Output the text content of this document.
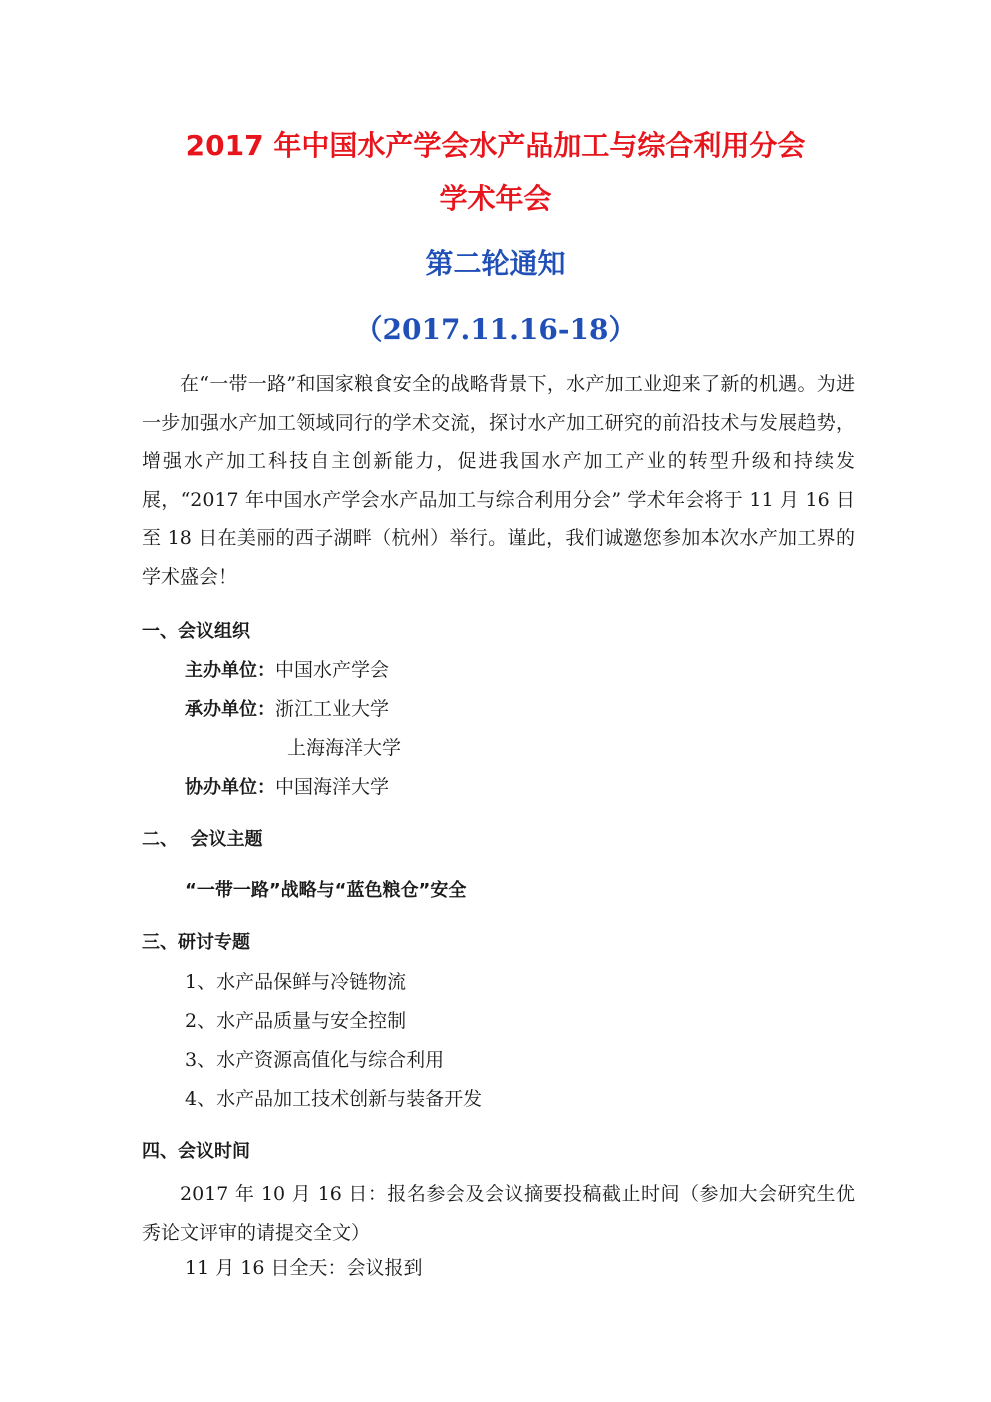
2017 年中国水产学会水产品加工与综合利用分会

学术年会

第二轮通知

（2017.11.16-18）

在“一带一路”和国家粮食安全的战略背景下，水产加工业迎来了新的机遇。为进一步加强水产加工领域同行的学术交流，探讨水产加工研究的前沿技术与发展趋势，增强水产加工科技自主创新能力，促进我国水产加工产业的转型升级和持续发展，“2017 年中国水产学会水产品加工与综合利用分会” 学术年会将于 11 月 16 日至 18 日在美丽的西子湖畔（杭州）举行。谨此，我们诚邀您参加本次水产加工界的学术盛会！

一、会议组织

主办单位：中国水产学会

承办单位：浙江工业大学

上海海洋大学

协办单位：中国海洋大学

二、  会议主题

“一带一路”战略与“蓝色粮仓”安全

三、研讨专题

1、水产品保鲜与冷链物流

2、水产品质量与安全控制

3、水产资源高值化与综合利用

4、水产品加工技术创新与装备开发

四、会议时间

2017 年 10 月 16 日：报名参会及会议摘要投稿截止时间（参加大会研究生优秀论文评审的请提交全文）

11 月 16 日全天：会议报到
